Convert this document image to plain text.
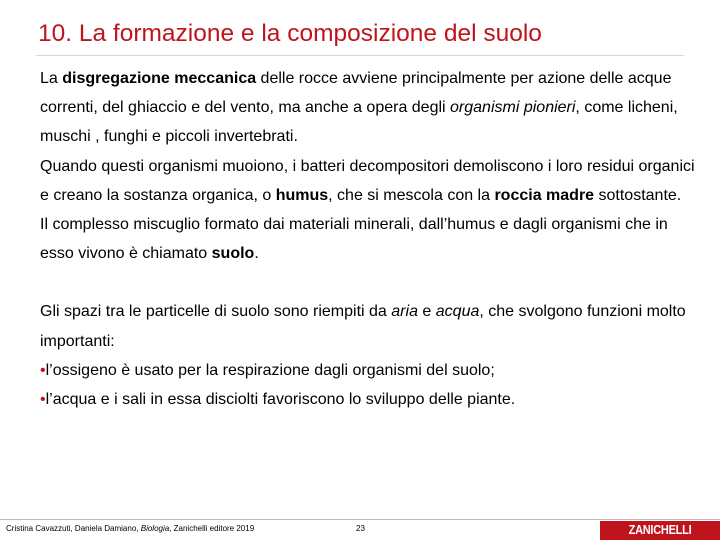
10. La formazione e la composizione del suolo

La disgregazione meccanica delle rocce avviene principalmente per azione delle acque correnti, del ghiaccio e del vento, ma anche a opera degli organismi pionieri, come licheni, muschi , funghi e piccoli invertebrati.

Quando questi organismi muoiono, i batteri decompositori demoliscono i loro residui organici e creano la sostanza organica, o humus, che si mescola con la roccia madre sottostante.

Il complesso miscuglio formato dai materiali minerali, dall’humus e dagli organismi che in esso vivono è chiamato suolo.

Gli spazi tra le particelle di suolo sono riempiti da aria e acqua, che svolgono funzioni molto importanti:

•l’ossigeno è usato per la respirazione dagli organismi del suolo;

•l’acqua e i sali in essa disciolti favoriscono lo sviluppo delle piante.

Cristina Cavazzuti, Daniela Damiano, Biologia, Zanichelli editore 2019	23	ZANICHELLI
